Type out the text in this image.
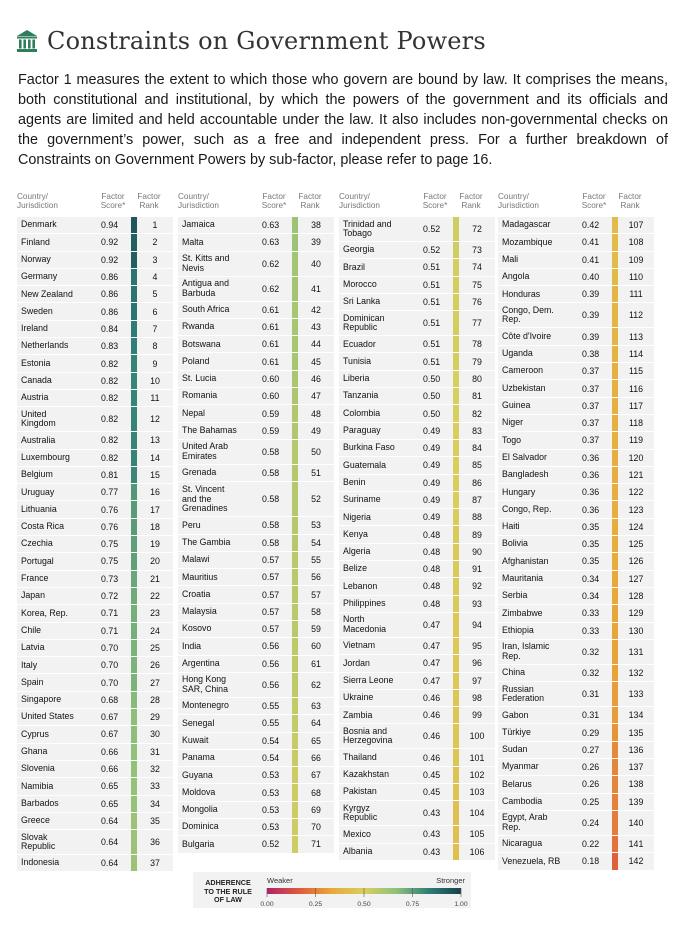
Constraints on Government Powers
Factor 1 measures the extent to which those who govern are bound by law. It comprises the means, both constitutional and institutional, by which the powers of the government and its officials and agents are limited and held accountable under the law. It also includes non-governmental checks on the government’s power, such as a free and independent press. For a further breakdown of Constraints on Government Powers by sub-factor, please refer to page 16.
Country/
Jurisdiction
Factor
Score*
Factor
Rank
Denmark	0.94	1
Finland	0.92	2
Norway	0.92	3
Germany	0.86	4
New Zealand	0.86	5
Sweden	0.86	6
Ireland	0.84	7
Netherlands	0.83	8
Estonia	0.82	9
Canada	0.82	10
Austria	0.82	11
United
Kingdom	0.82	12
Australia	0.82	13
Luxembourg	0.82	14
Belgium	0.81	15
Uruguay	0.77	16
Lithuania	0.76	17
Costa Rica	0.76	18
Czechia	0.75	19
Portugal	0.75	20
France	0.73	21
Japan	0.72	22
Korea, Rep.	0.71	23
Chile	0.71	24
Latvia	0.70	25
Italy	0.70	26
Spain	0.70	27
Singapore	0.68	28
United States	0.67	29
Cyprus	0.67	30
Ghana	0.66	31
Slovenia	0.66	32
Namibia	0.65	33
Barbados	0.65	34
Greece	0.64	35
Slovak
Republic	0.64	36
Indonesia	0.64	37
Country/
Jurisdiction
Factor
Score*
Factor
Rank
Jamaica	0.63	38
Malta	0.63	39
St. Kitts and
Nevis	0.62	40
Antigua and
Barbuda	0.62	41
South Africa	0.61	42
Rwanda	0.61	43
Botswana	0.61	44
Poland	0.61	45
St. Lucia	0.60	46
Romania	0.60	47
Nepal	0.59	48
The Bahamas	0.59	49
United Arab
Emirates	0.58	50
Grenada	0.58	51
St. Vincent
and the
Grenadines
0.58	52
Peru	0.58	53
The Gambia	0.58	54
Malawi	0.57	55
Mauritius	0.57	56
Croatia	0.57	57
Malaysia	0.57	58
Kosovo	0.57	59
India	0.56	60
Argentina	0.56	61
Hong Kong
SAR, China	0.56	62
Montenegro	0.55	63
Senegal	0.55	64
Kuwait	0.54	65
Panama	0.54	66
Guyana	0.53	67
Moldova	0.53	68
Mongolia	0.53	69
Dominica	0.53	70
Bulgaria	0.52	71
Country/
Jurisdiction
Factor
Score*
Factor
Rank
Trinidad and
Tobago	0.52	72
Georgia	0.52	73
Brazil	0.51	74
Morocco	0.51	75
Sri Lanka	0.51	76
Dominican
Republic	0.51	77
Ecuador	0.51	78
Tunisia	0.51	79
Liberia	0.50	80
Tanzania	0.50	81
Colombia	0.50	82
Paraguay	0.49	83
Burkina Faso	0.49	84
Guatemala	0.49	85
Benin	0.49	86
Suriname	0.49	87
Nigeria	0.49	88
Kenya	0.48	89
Algeria	0.48	90
Belize	0.48	91
Lebanon	0.48	92
Philippines	0.48	93
North
Macedonia	0.47	94
Vietnam	0.47	95
Jordan	0.47	96
Sierra Leone	0.47	97
Ukraine	0.46	98
Zambia	0.46	99
Bosnia and
Herzegovina	0.46	100
Thailand	0.46	101
Kazakhstan	0.45	102
Pakistan	0.45	103
Kyrgyz
Republic	0.43	104
Mexico	0.43	105
Albania	0.43	106
Country/
Jurisdiction
Factor
Score*
Factor
Rank
Madagascar	0.42	107
Mozambique	0.41	108
Mali	0.41	109
Angola	0.40	110
Honduras	0.39	111
Congo, Dem.
Rep.	0.39	112
Côte d'Ivoire	0.39	113
Uganda	0.38	114
Cameroon	0.37	115
Uzbekistan	0.37	116
Guinea	0.37	117
Niger	0.37	118
Togo	0.37	119
El Salvador	0.36	120
Bangladesh	0.36	121
Hungary	0.36	122
Congo, Rep.	0.36	123
Haiti	0.35	124
Bolivia	0.35	125
Afghanistan	0.35	126
Mauritania	0.34	127
Serbia	0.34	128
Zimbabwe	0.33	129
Ethiopia	0.33	130
Iran, Islamic
Rep.	0.32	131
China	0.32	132
Russian
Federation	0.31	133
Gabon	0.31	134
Türkiye	0.29	135
Sudan	0.27	136
Myanmar	0.26	137
Belarus	0.26	138
Cambodia	0.25	139
Egypt, Arab
Rep.	0.24	140
Nicaragua	0.22	141
Venezuela, RB	0.18	142
ADHERENCE
TO THE RULE
OF LAW
Weaker	Stronger
0.00	0.25	0.50	0.75	1.00
